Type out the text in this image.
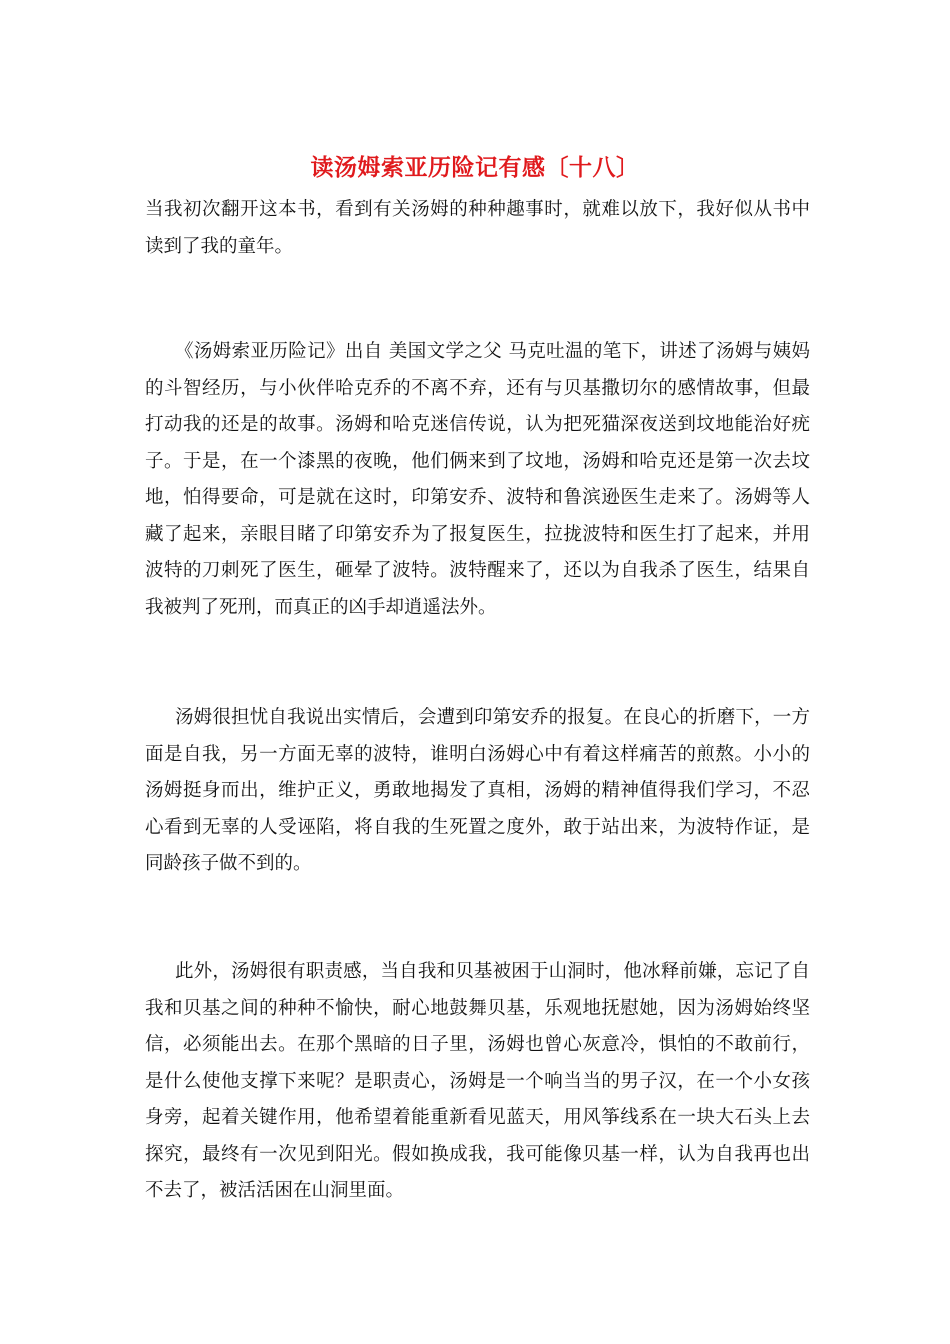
读汤姆索亚历险记有感〔十八〕

当我初次翻开这本书，看到有关汤姆的种种趣事时，就难以放下，我好似从书中读到了我的童年。

《汤姆索亚历险记》出自 美国文学之父 马克吐温的笔下，讲述了汤姆与姨妈的斗智经历，与小伙伴哈克乔的不离不弃，还有与贝基撒切尔的感情故事，但最打动我的还是的故事。汤姆和哈克迷信传说，认为把死猫深夜送到坟地能治好疣子。于是，在一个漆黑的夜晚，他们俩来到了坟地，汤姆和哈克还是第一次去坟地，怕得要命，可是就在这时，印第安乔、波特和鲁滨逊医生走来了。汤姆等人藏了起来，亲眼目睹了印第安乔为了报复医生，拉拢波特和医生打了起来，并用波特的刀刺死了医生，砸晕了波特。波特醒来了，还以为自我杀了医生，结果自我被判了死刑，而真正的凶手却逍遥法外。

汤姆很担忧自我说出实情后，会遭到印第安乔的报复。在良心的折磨下，一方面是自我，另一方面无辜的波特，谁明白汤姆心中有着这样痛苦的煎熬。小小的汤姆挺身而出，维护正义，勇敢地揭发了真相，汤姆的精神值得我们学习，不忍心看到无辜的人受诬陷，将自我的生死置之度外，敢于站出来，为波特作证，是同龄孩子做不到的。

此外，汤姆很有职责感，当自我和贝基被困于山洞时，他冰释前嫌，忘记了自我和贝基之间的种种不愉快，耐心地鼓舞贝基，乐观地抚慰她，因为汤姆始终坚信，必须能出去。在那个黑暗的日子里，汤姆也曾心灰意冷，惧怕的不敢前行，是什么使他支撑下来呢？是职责心，汤姆是一个响当当的男子汉，在一个小女孩身旁，起着关键作用，他希望着能重新看见蓝天，用风筝线系在一块大石头上去探究，最终有一次见到阳光。假如换成我，我可能像贝基一样，认为自我再也出不去了，被活活困在山洞里面。
